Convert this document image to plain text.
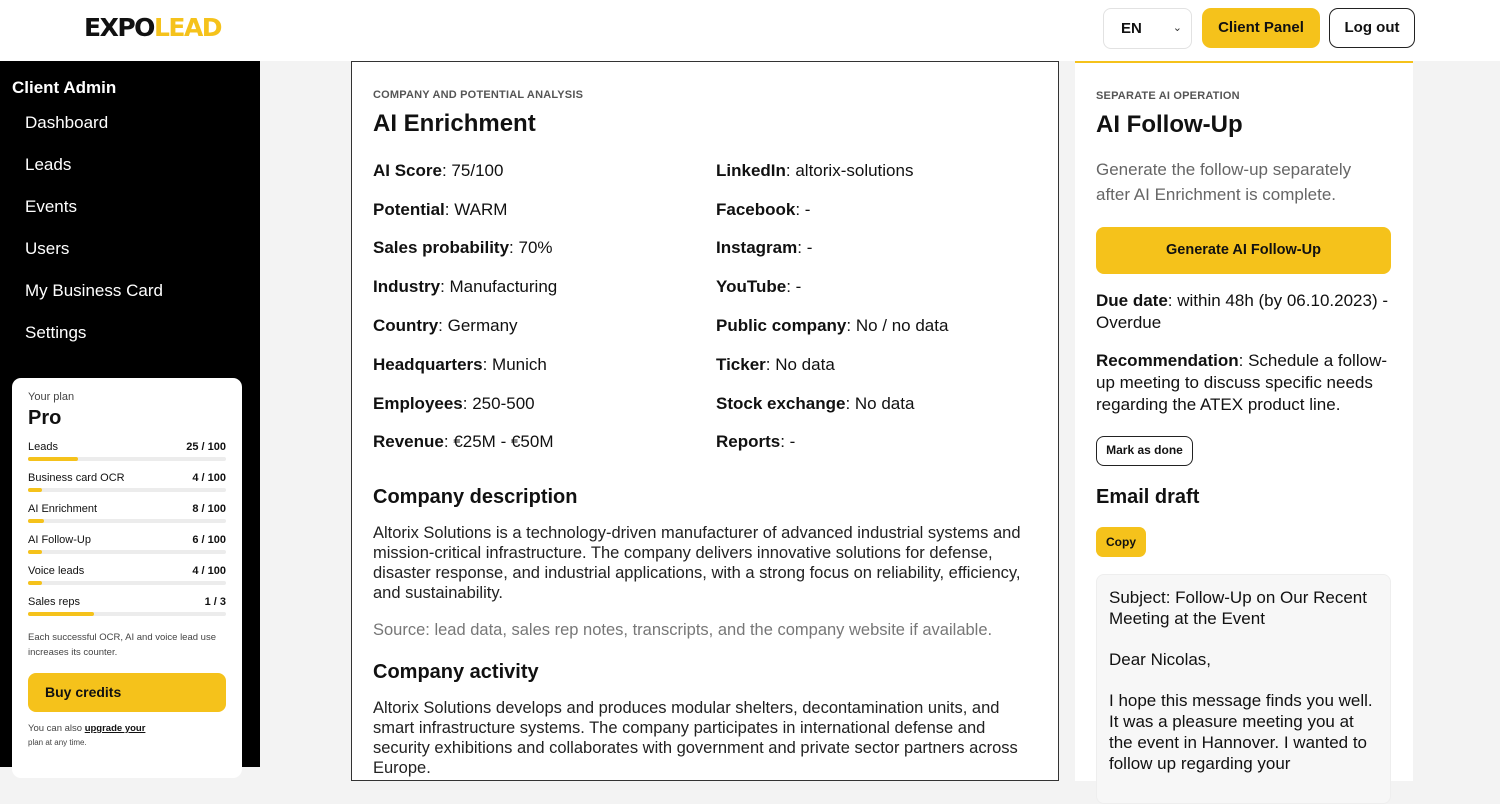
EXPOLEAD	EN	⌄	Client Panel	Log out
Client Admin
Dashboard
Leads
Events
Users
My Business Card
Settings
Your plan
Pro
Leads	25 / 100
Business card OCR	4 / 100
AI Enrichment	8 / 100
AI Follow-Up	6 / 100
Voice leads	4 / 100
Sales reps	1 / 3
Each successful OCR, AI and voice lead use increases its counter.
Buy credits
You can also upgrade your
plan at any time.
COMPANY AND POTENTIAL ANALYSIS
AI Enrichment
AI Score: 75/100
Potential: WARM
Sales probability: 70%
Industry: Manufacturing
Country: Germany
Headquarters: Munich
Employees: 250-500
Revenue: €25M - €50M
LinkedIn: altorix-solutions
Facebook: -
Instagram: -
YouTube: -
Public company: No / no data
Ticker: No data
Stock exchange: No data
Reports: -
Company description
Altorix Solutions is a technology-driven manufacturer of advanced industrial systems and mission-critical infrastructure. The company delivers innovative solutions for defense, disaster response, and industrial applications, with a strong focus on reliability, efficiency, and sustainability.
Source: lead data, sales rep notes, transcripts, and the company website if available.
Company activity
Altorix Solutions develops and produces modular shelters, decontamination units, and smart infrastructure systems. The company participates in international defense and security exhibitions and collaborates with government and private sector partners across Europe.
SEPARATE AI OPERATION
AI Follow-Up
Generate the follow-up separately after AI Enrichment is complete.
Generate AI Follow-Up
Due date: within 48h (by 06.10.2023) - Overdue
Recommendation: Schedule a follow-up meeting to discuss specific needs regarding the ATEX product line.
Mark as done
Email draft
Copy

Subject: Follow-Up on Our Recent Meeting at the Event

Dear Nicolas,

I hope this message finds you well. It was a pleasure meeting you at the event in Hannover. I wanted to follow up regarding your
